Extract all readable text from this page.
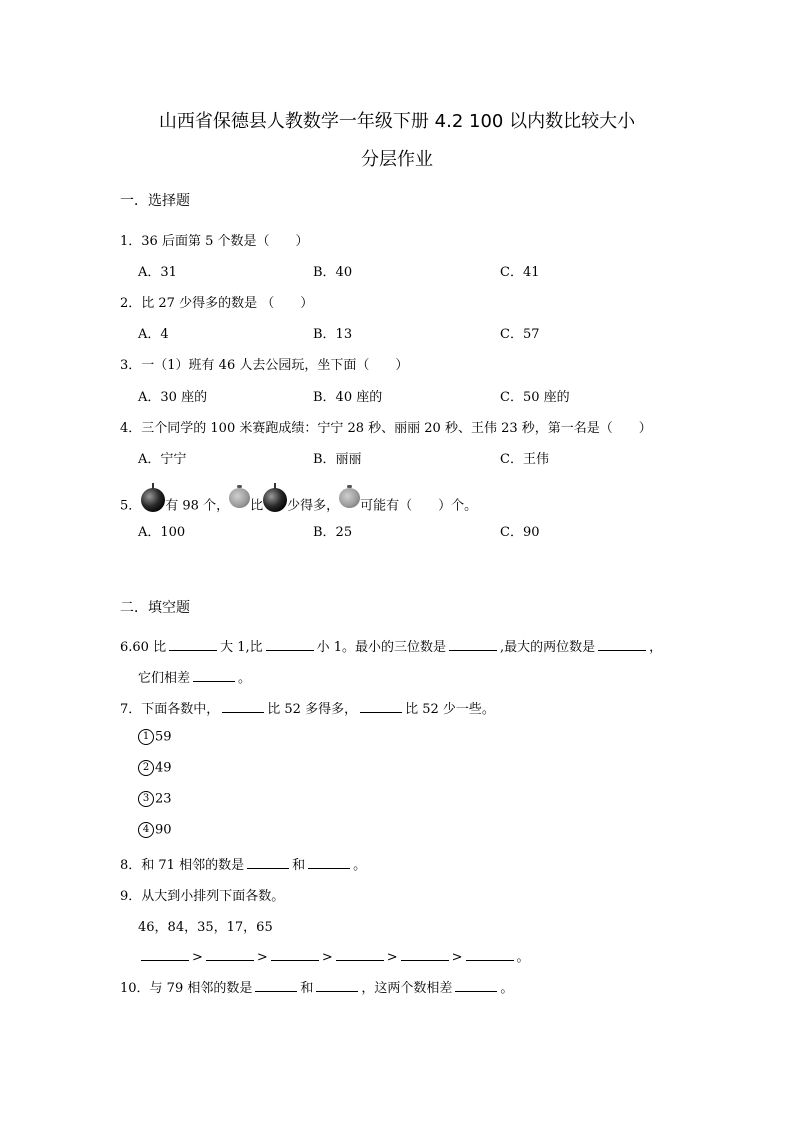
山西省保德县人教数学一年级下册 4.2 100 以内数比较大小
分层作业
一．选择题
1．36 后面第 5 个数是（　　）
A．31	B．40	C．41
2．比 27 少得多的数是 （　　）
A．4	B．13	C．57
3．一（1）班有 46 人去公园玩，坐下面（　　）
A．30 座的	B．40 座的	C．50 座的
4．三个同学的 100 米赛跑成绩：宁宁 28 秒、丽丽 20 秒、王伟 23 秒，第一名是（　　）
A．宁宁	B．丽丽	C．王伟
5． 有 98 个， 比 少得多， 可能有（　　）个。
A．100	B．25	C．90
二．填空题
6.60 比	大 1,比	小 1。最小的三位数是	,最大的两位数是	，
它们相差	。
7．下面各数中，	比 52 多得多，	比 52 少一些。
1 59
2 49
3 23
4 90
8．和 71 相邻的数是	和	。
9．从大到小排列下面各数。
46，84，35，17，65
>	>	>	>	>	。
10．与 79 相邻的数是	和	，这两个数相差	。
